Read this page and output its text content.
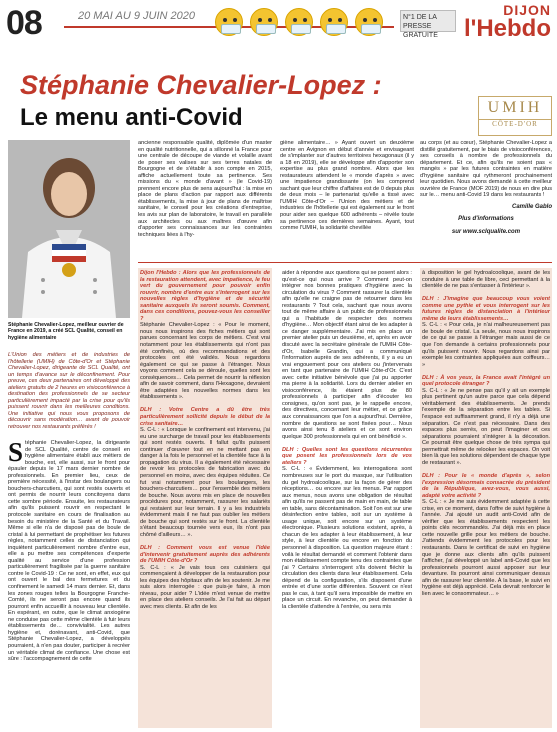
08	20 MAI AU 9 JUIN 2020	N°1 DE LA PRESSE GRATUITE
DIJON
l'Hebdo
Stéphanie Chevalier-Lopez :
Le menu anti-Covid	UMIH
CÔTE-D'OR
Stéphanie Chevalier-Lopez, meilleur ouvrier de France en 2019, a créé SCL Qualité, conseil en hygiène alimentaire
L'Union des métiers et de industries de l'hôtellerie (UMIH) de Côte-d'Or et Stéphanie Chevalier-Lopez, dirigeante de SCL Qualité, ont un temps d'avance sur le déconfinement. Pour preuve, ces deux partenaires ont développé des ateliers gratuits de 2 heures en visioconférence à destination des professionnels de se secteur particulièrement impacté par la crise pour qu'ils puissent rouvrir dans les meilleures conditions. Une initiative qui nous vous proposons de découvrir sans modération… avant de pouvoir retrouver nos restaurants préférés !
Stéphanie Chevalier-Lopez, la dirigeante de SCL Qualité, centre de conseil en hygiène alimentaire établi aux métiers de bouche, est, elle aussi, sur le front pour épauler depuis le 17 mars dernier nombre de professionnels. En premier lieu, ceux de première nécessité, à l'instar des boulangers ou bouchers-charcutiers, qui sont restés ouverts et ont permis de nourrir leurs concitoyens dans cette sombre période. Ensuite, les restaurateurs afin qu'ils puissent rouvrir en respectant le protocole sanitaire en cours de finalisation au besoin du ministère de la Santé et du Travail. Même si elle n'a de disposé pas de boule de cristal à lui permettant de prophétiser les futures règles, notamment celles de distanciation qui inquiètent particulièrement nombre d'entre eux, elle a pu mettre ses compétences d'experte qualité au service d'une profession particulièrement fragilisée par la guerre sanitaire contre le Covid-19 : Ce ne sont, en effet, eux qui ont ouvert le bal des fermetures et du confinement le samedi 14 mars dernier. Et, dans les zones rouges telles la Bourgogne Franche-Comté, ils ne seront pas encore quand ils pourront enfin accueillir à nouveau leur clientèle. En espérant, en outre, que le climat anxiogène ne conduise pas cette même clientèle à fuir leurs établissements de… convivialité. Les autres hygiène et, dorénavant, anti-Covid, que Stéphanie Chevalier-Lopez, a développés pourraient, à n'en pas douter, participer à recréer un véritable climat de confiance. Une chose est sûre : l'accompagnement de cette
ancienne responsable qualité, diplômée d'un master en qualité nutritionnelle, qui a sillonné la France pour une centrale de découpe de viande et volaille avant de poser ses valises sur ses terres natales de Bourgogne et de s'établir à son compte en 2015, affiche actuellement toute sa pertinence. Ses missions du « monde d'avant » (le Covid-19) prennent encore plus de sens aujourd'hui : la mise en place de plans d'action par rapport aux différents établissements, la mise à jour de plans de maîtrise sanitaire, le conseil pour les créations d'entreprise, les avis sur plan de laboratoire, le travail en parallèle aux architectes ou aux maîtres d'œuvre afin d'apporter ses connaissances sur les contraintes techniques liées à l'hy-
giène alimentaire… » Ayant ouvert un deuxième centre en Avignon en début d'année et envisageant de s'implanter sur d'autres territoires hexagonaux (il y a 18 en 2019), elle se développe afin d'apporter son expertise au plus grand nombre. Alors que les restaurateurs attendent le « monde d'après » avec une impatience grandissante (on les comprend sachant que leur chiffre d'affaires est de 0 depuis plus de deux mois – le partenariat qu'elle a tissé avec l'UMIH Côte-d'Or – l'Union des métiers et de industries de l'hôtellerie qui est également sur le front pour aider ses quelque 600 adhérents – révèle toute sa pertinence ces dernières semaines. Ayant, tout comme l'UMIH, la solidarité chevillée
au corps (et au cœur), Stéphanie Chevalier-Lopez a distillé gratuitement, par le biais de visioconférences, ses conseils à nombre de professionnels du département. Et ce, afin qu'ils ne soient pas « mangés » par les futures contraintes en matière d'hygiène sanitaire qui rythmeront prochainement leur quotidien. Nous avons demandé à cette meilleur ouvrière de France (MOF 2019) de nous en dire plus sur le… menu anti-Covid 19 dans les restaurants !
Camille Gablo
Plus d'informations
sur www.sclqualite.com
Dijon l'Hebdo : Alors que les professionnels de la restauration attendent, avec impatience, le feu vert du gouvernement pour pouvoir enfin rouvrir, nombre d'entre eux s'interrogent sur les nouvelles règles d'hygiène et de sécurité sanitaire auxquels ils seront soumis. Comment, dans ces conditions, pouvez-vous les conseiller ?
Stéphanie Chevalier-Lopez : « Pour le moment, nous nous inspirons des fiches métiers qui sont parues concernant les corps de métiers. C'est vrai notamment pour les établissements qui n'ont pas été confinés, où des recommandations et des protocoles ont été validés. Nous regardons également ce qui se passe à l'étranger. Nous voyons comment cela se déroule, quelles sont les conséquences… Cela permet de nourrir la réflexion afin de savoir comment, dans l'Hexagone, devraient être adaptées les nouvelles normes dans les établissements ».

DLH : Votre Centre a dû être très particulièrement sollicité depuis le début de la crise sanitaire…
S. C-L : « Lorsque le confinement est intervenu, j'ai eu une surcharge de travail pour les établissements qui sont restés ouverts. Il fallut qu'ils puissent continuer d'œuvrer tout en ne mettant pas en danger à la fois le personnel et la clientèle face à la propagation du virus. Il a également été nécessaire de revoir les protocoles de fabrication avec du personnel en moins, avec des équipes réduites. Ce fut vrai notamment pour les boulangers, les bouchers-charcutiers… pour l'ensemble des métiers de bouche. Nous avons mis en place de nouvelles procédures pour, notamment, rassurer les salariés qui restaient sur leur terrain. Il y a les industriels évidemment mais il ne faut pas oublier les métiers de bouche qui sont restés sur le front. La clientèle s'étant beaucoup tournée vers eux, ils n'ont pas chômé d'ailleurs… ».

DLH : Comment vous est venue l'idée d'intervenir gratuitement auprès des adhérents de l'UMIH Côte-d'Or ?
S. C-L : « Je vais tous ces cuisiniers qui commençaient à développer de la restauration pour les équipes des hôpitaux afin de les soutenir. Je me suis alors interrogée : que puis-je faire, à mon niveau, pour aider ? L'idée m'est venue de mettre en place des ateliers conseils. Je l'ai fait au départ avec mes clients. Et afin de les
aider à répondre aux questions qui se posent alors : qu'est-ce qui nous arrive ? Comment peut-on intégrer nos bonnes pratiques d'hygiène avec la circulation du virus ? Comment rassurer la clientèle afin qu'elle ne craigne pas de retourner dans les restaurants ? Tout cela, sachant que nous avons tout de même affaire à un public de professionnels qui a l'habitude de respecter des normes d'hygiène… Mon objectif étant ainsi de les adapter à ce danger supplémentaire. J'ai mis en place un premier atelier puis un deuxième, et, après en avoir discuté avec la secrétaire générale de l'UMIH Côte-d'Or, Isabelle Grandin, qui a communiqué l'information auprès de ses adhérents, il y a eu un vrai engouement pour ces ateliers ou j'intervenais en tant que partenaire de l'UMIH Côte-d'Or. C'est avec cette initiative bénévole que j'ai pu apporter ma pierre à la solidarité. Lors du dernier atelier en visioconférence, ils étaient plus de 80 professionnels à participer afin d'écouter les consignes, qu'on sont pas, je le rappelle encore, des directives, concernant leur métier, et ce grâce aux connaissances que l'on a aujourd'hui. Dernière, nombre de questions se sont fixées pour… Nous avons ainsi tenu 8 ateliers et ce sont environ quelque 300 professionnels qui en ont bénéficié ».

DLH : Quelles sont les questions récurrentes que posent les professionnels lors de vos ateliers ?
S. C-L : « Évidemment, les interrogations sont nombreuses sur le port du masque, sur l'utilisation du gel hydroalcoolique, sur la façon de gérer des réceptions… ou encore sur les menus. Par rapport aux menus, nous avons une obligation de résultat afin qu'ils ne passent pas de main en main, de table en table, sans décontamination. Soit l'on est sur une désinfection entre tables, soit sur un système à usage unique, soit encore sur un système électronique. Plusieurs solutions existent, après, à chacun de les adapter à leur établissement, à leur style, à leur clientèle ou encore en fonction du personnel à disposition. La question majeure étant : voilà le résultat demandé et comment l'obtenir dans mon établissement compte tenu des contraintes que j'ai ? Certains s'interrogent s'ils doivent fléchir la circulation des clients dans leur établissement. Cela dépend de la configuration, s'ils disposent d'une entrée et d'une sortie différentes. Souvent ce n'est pas le cas, à tant qu'il sera impossible de mettre en place un circuit. En revanche, on peut demander à la clientèle d'attendre à l'entrée, ou sera mis
à disposition le gel hydroalcoolique, avant de les conduire à une table de libre, ceci permettant à la clientèle de ne pas s'entasser à l'intérieur ».

DLH : J'imagine que beaucoup vous voient comme une pythie et vous interrogent sur les futures règles de distanciation à l'intérieur même de leurs établissements…
S. C-L : « Pour cela, je n'ai malheureusement pas de boule de cristal. La seule, nous nous inspirons de ce qui se passe à l'étranger mais aussi de ce que l'on demande à certains professionnels pour qu'ils puissent rouvrir. Nous regardons ainsi par exemple les contraintes appliquées aux coiffeurs… »

DLH : À vos yeux, la France avait l'intégré un quel protocole étranger ?
S. C-L : « Je ne pense pas qu'il y ait un exemple plus pertinent qu'un autre parce que cela dépend véritablement des établissements. Je prends l'exemple de la séparation entre les tables. Si l'espace est suffisamment grand, il n'y a déjà une séparation. Ce n'est pas nécessaire. Dans des espaces plus serrés, on peut l'imaginer et ces séparations pourraient s'intégrer à la décoration. Ce pourrait être quelque chose de très sympa qui permettrait même de relooker les espaces. On voit bien là que les solutions dépendent de chaque type de restaurant ».

DLH : Pour le « monde d'après », selon l'expression désormais consacrée du président de la République, avez-vous, vous aussi, adapté votre activité ?
S. C-L : « Je me suis évidemment adaptée à cette crise, en ce moment, dans l'offre de suivi hygiène à l'année. J'ai ajouté un audit anti-Covid afin de vérifier que les établissements respectent les points clés recommandés. J'ai déjà mis en place cette nouvelle grille pour les métiers de bouche. J'attends évidemment les protocoles pour les restaurants. Dans le certificat de suivi en hygiène que je donne aux clients afin qu'ils puissent l'afficher, j'ai développé un label anti-Covid que les professionnels pourront aussi apposer sur leur devanture. Ils pourront ainsi communiquer dessus afin de rassurer leur clientèle. À la base, le suivi en hygiène est déjà apprécié. Cela devrait renforcer le lien avec le consommateur… »
